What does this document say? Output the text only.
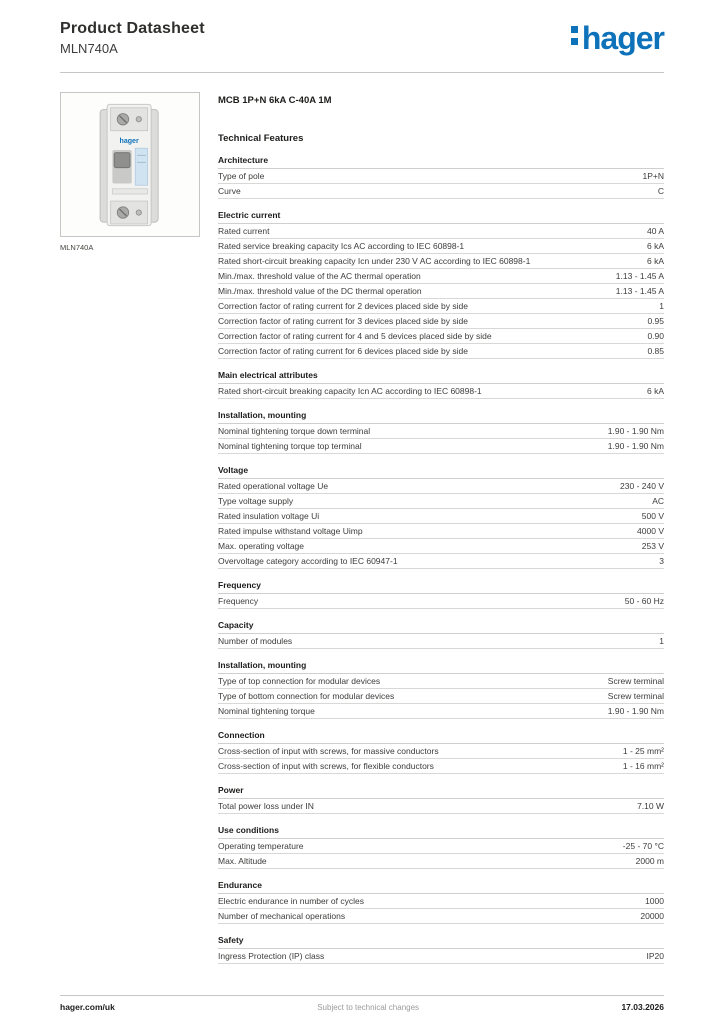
Product Datasheet
MLN740A	hager
hager
MLN740A
MCB 1P+N 6kA C-40A 1M
Technical Features
Architecture
Type of pole	1P+N
Curve	C
Electric current
Rated current	40 A
Rated service breaking capacity Ics AC according to IEC 60898-1	6 kA
Rated short-circuit breaking capacity Icn under 230 V AC according to IEC 60898-1	6 kA
Min./max. threshold value of the AC thermal operation	1.13 - 1.45 A
Min./max. threshold value of the DC thermal operation	1.13 - 1.45 A
Correction factor of rating current for 2 devices placed side by side	1
Correction factor of rating current for 3 devices placed side by side	0.95
Correction factor of rating current for 4 and 5 devices placed side by side	0.90
Correction factor of rating current for 6 devices placed side by side	0.85
Main electrical attributes
Rated short-circuit breaking capacity Icn AC according to IEC 60898-1	6 kA
Installation, mounting
Nominal tightening torque down terminal	1.90 - 1.90 Nm
Nominal tightening torque top terminal	1.90 - 1.90 Nm
Voltage
Rated operational voltage Ue	230 - 240 V
Type voltage supply	AC
Rated insulation voltage Ui	500 V
Rated impulse withstand voltage Uimp	4000 V
Max. operating voltage	253 V
Overvoltage category according to IEC 60947-1	3
Frequency
Frequency	50 - 60 Hz
Capacity
Number of modules	1
Installation, mounting
Type of top connection for modular devices	Screw terminal
Type of bottom connection for modular devices	Screw terminal
Nominal tightening torque	1.90 - 1.90 Nm
Connection
Cross-section of input with screws, for massive conductors	1 - 25 mm²
Cross-section of input with screws, for flexible conductors	1 - 16 mm²
Power
Total power loss under IN	7.10 W
Use conditions
Operating temperature	-25 - 70 °C
Max. Altitude	2000 m
Endurance
Electric endurance in number of cycles	1000
Number of mechanical operations	20000
Safety
Ingress Protection (IP) class	IP20
hager.com/uk	Subject to technical changes	17.03.2026
